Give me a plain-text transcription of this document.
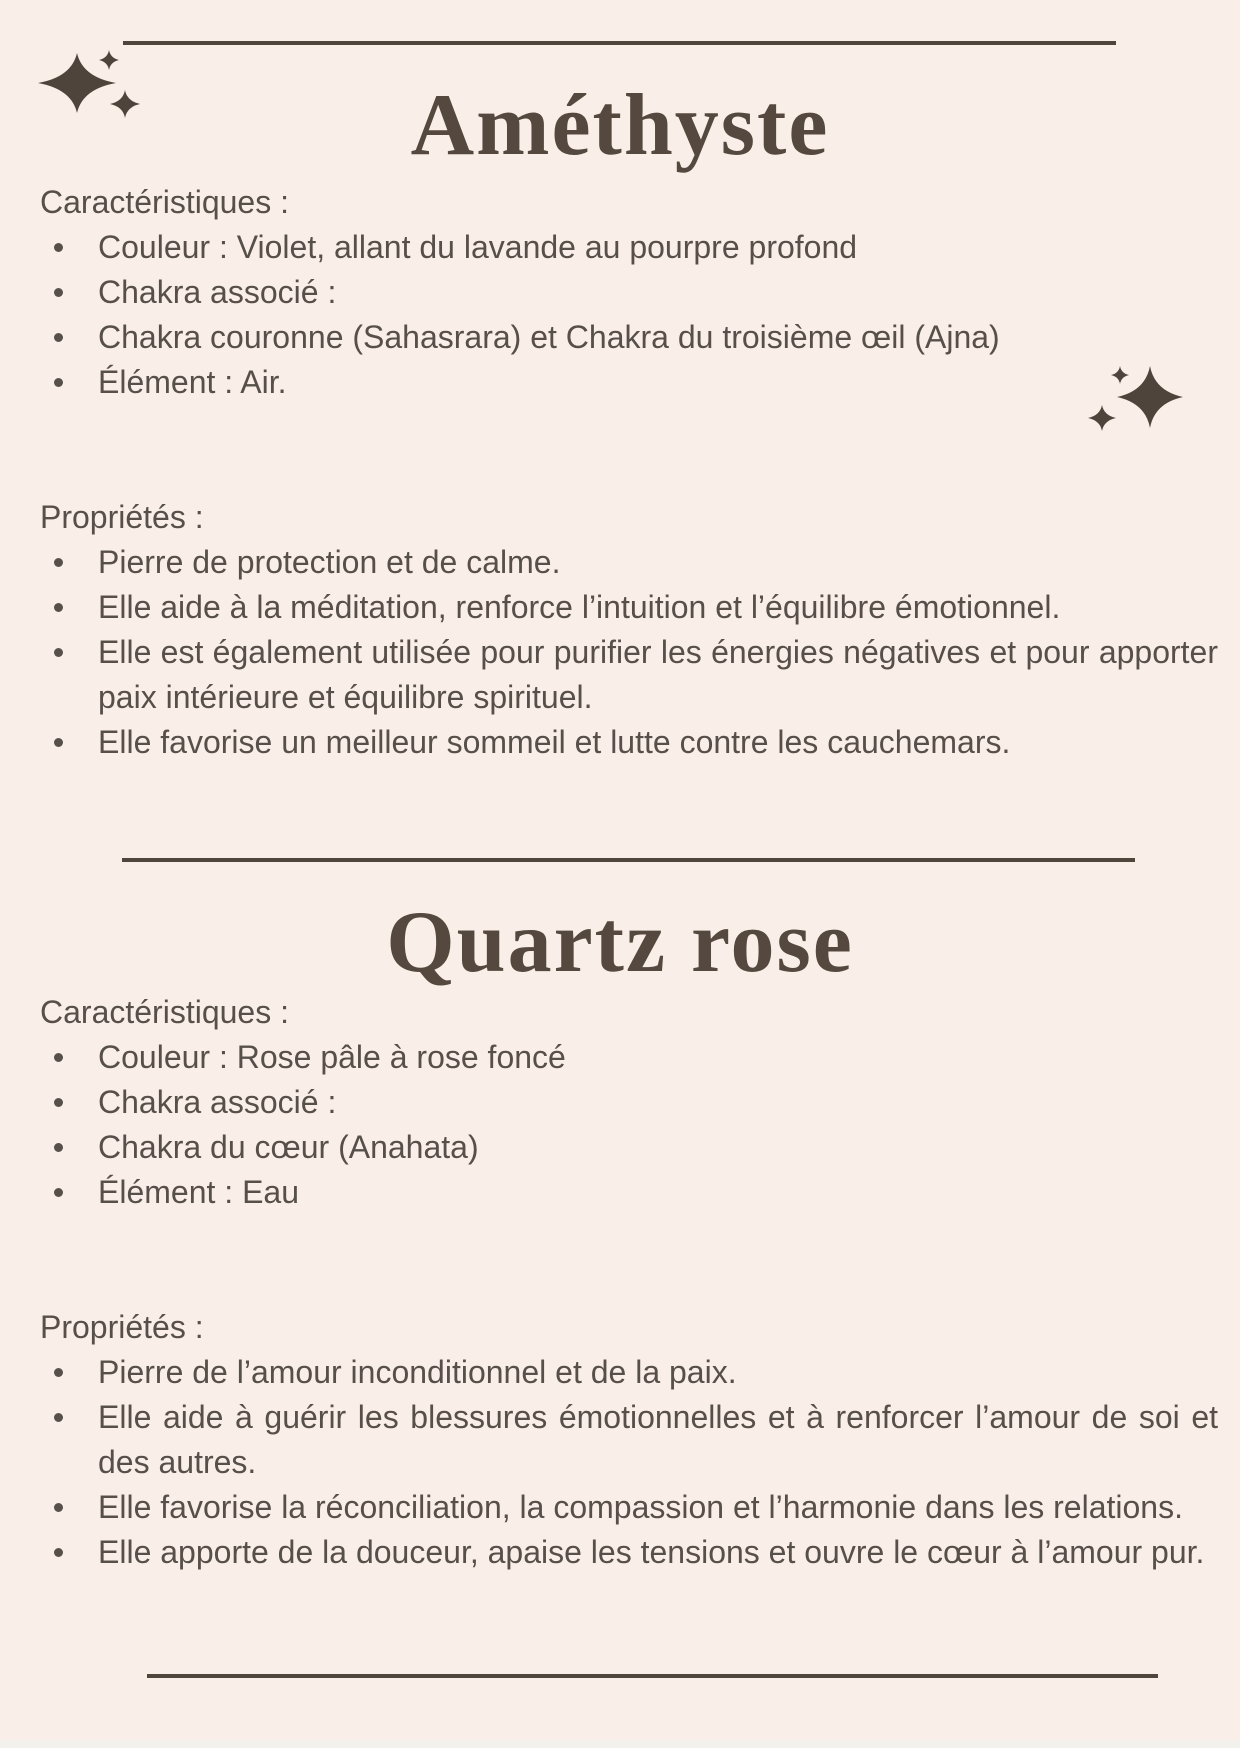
Améthyste
Caractéristiques :
Couleur : Violet, allant du lavande au pourpre profond
Chakra associé :
Chakra couronne (Sahasrara) et Chakra du troisième œil (Ajna)
Élément : Air.
Propriétés :
Pierre de protection et de calme.
Elle aide à la méditation, renforce l’intuition et l’équilibre émotionnel.
Elle est également utilisée pour purifier les énergies négatives et pour apporter paix intérieure et équilibre spirituel.
Elle favorise un meilleur sommeil et lutte contre les cauchemars.
Quartz rose
Caractéristiques :
Couleur : Rose pâle à rose foncé
Chakra associé :
Chakra du cœur (Anahata)
Élément : Eau
Propriétés :
Pierre de l’amour inconditionnel et de la paix.
Elle aide à guérir les blessures émotionnelles et à renforcer l’amour de soi et des autres.
Elle favorise la réconciliation, la compassion et l’harmonie dans les relations.
Elle apporte de la douceur, apaise les tensions et ouvre le cœur à l’amour pur.
